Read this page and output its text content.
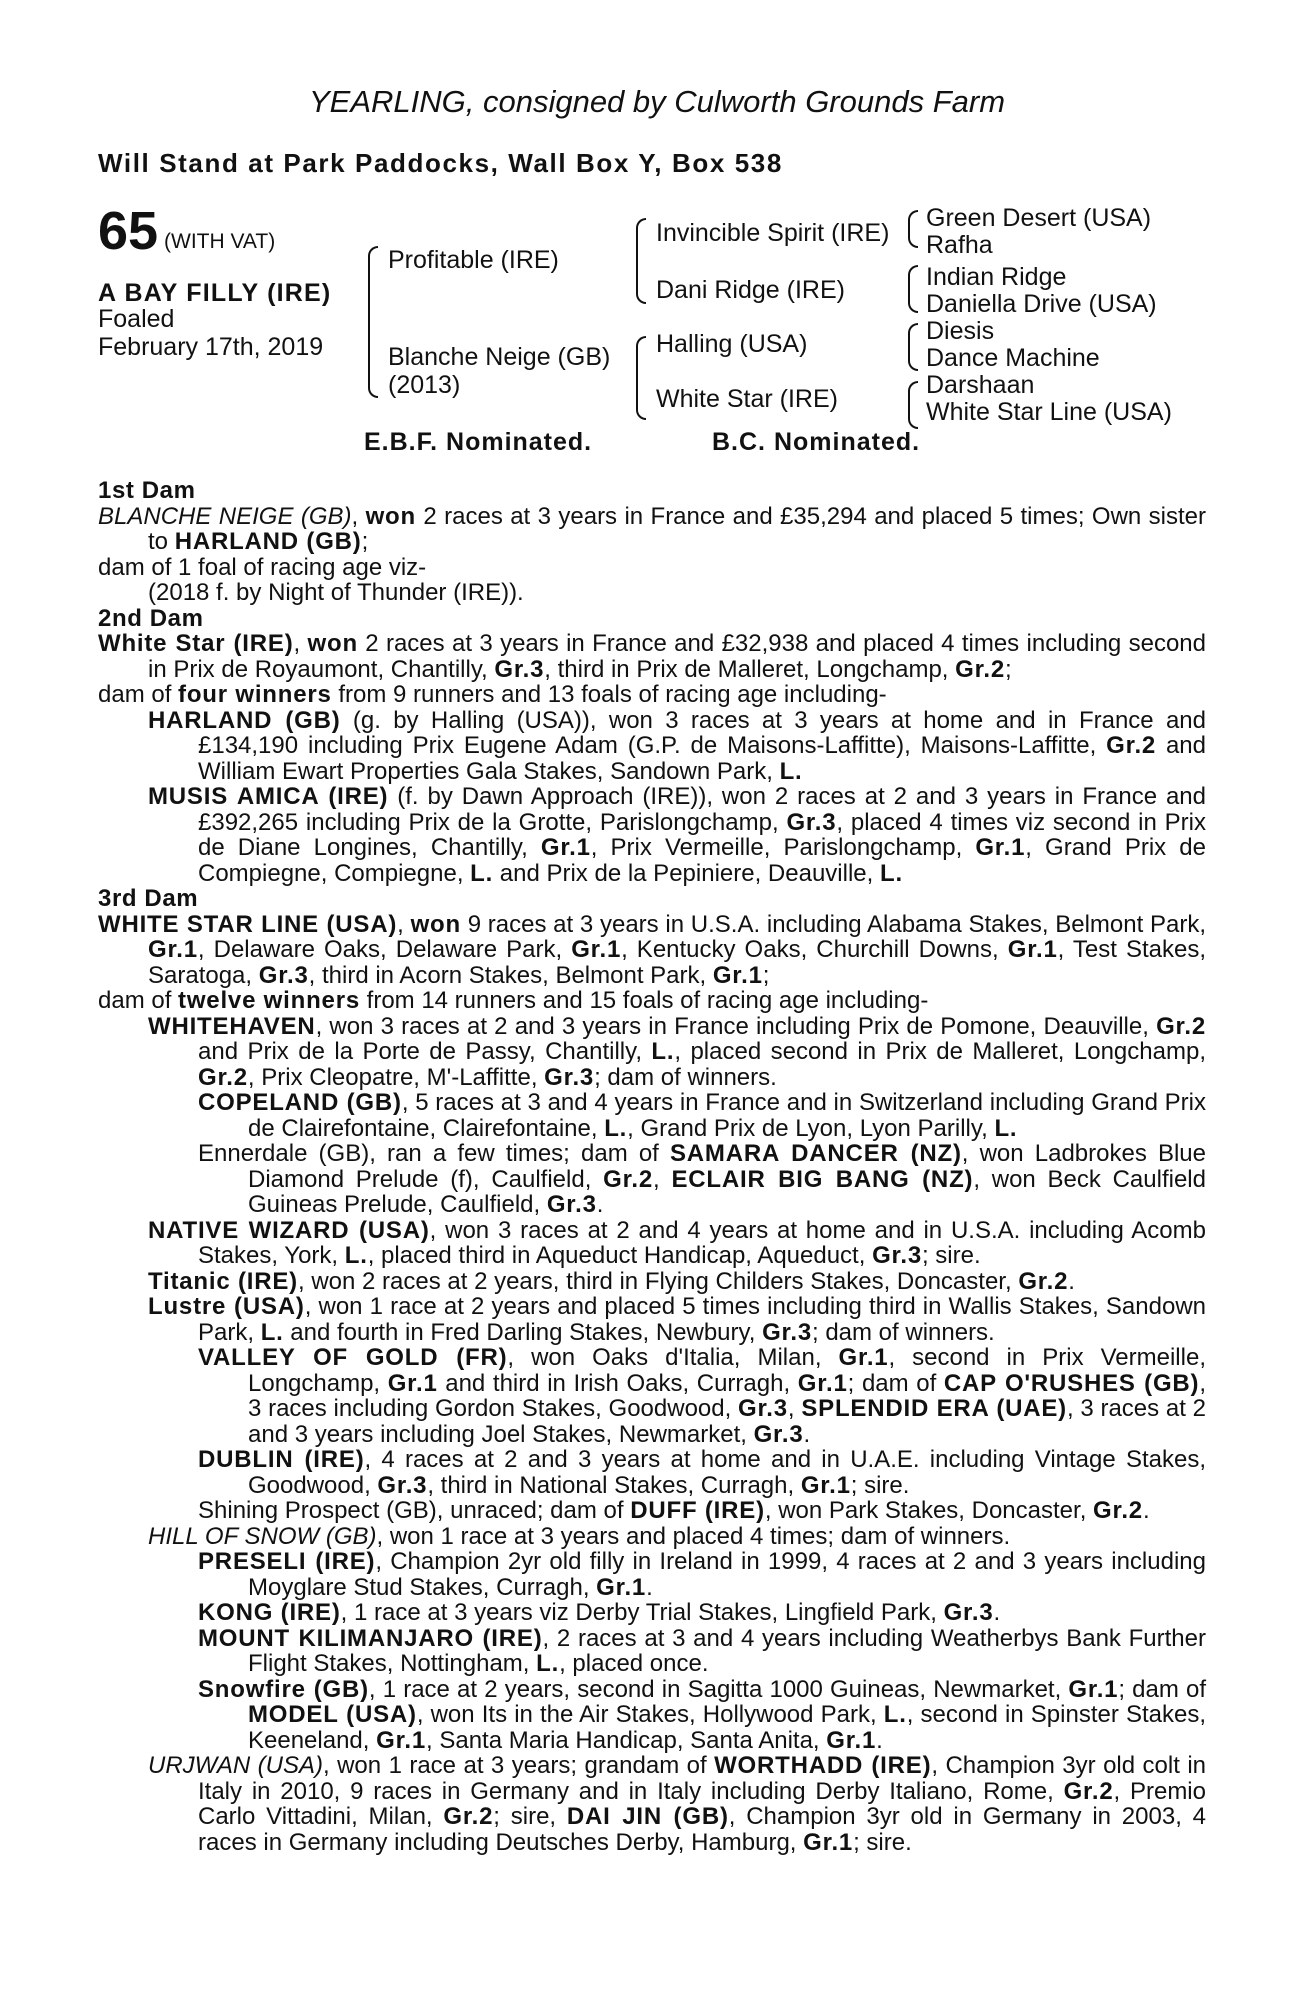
YEARLING, consigned by Culworth Grounds Farm
Will Stand at Park Paddocks, Wall Box Y, Box 538
65 (WITH VAT)
A BAY FILLY (IRE)
Foaled
February 17th, 2019
Profitable (IRE)
Blanche Neige (GB)
(2013)
Invincible Spirit (IRE)
Dani Ridge (IRE)
Halling (USA)
White Star (IRE)
Green Desert (USA)
Rafha
Indian Ridge
Daniella Drive (USA)
Diesis
Dance Machine
Darshaan
White Star Line (USA)
E.B.F. Nominated.	B.C. Nominated.
1st Dam
BLANCHE NEIGE (GB), won 2 races at 3 years in France and £35,294 and placed 5 times; Own sister to HARLAND (GB);
dam of 1 foal of racing age viz-
(2018 f. by Night of Thunder (IRE)).
2nd Dam
White Star (IRE), won 2 races at 3 years in France and £32,938 and placed 4 times including second in Prix de Royaumont, Chantilly, Gr.3, third in Prix de Malleret, Longchamp, Gr.2;
dam of four winners from 9 runners and 13 foals of racing age including-
HARLAND (GB) (g. by Halling (USA)), won 3 races at 3 years at home and in France and £134,190 including Prix Eugene Adam (G.P. de Maisons-Laffitte), Maisons-Laffitte, Gr.2 and William Ewart Properties Gala Stakes, Sandown Park, L.
MUSIS AMICA (IRE) (f. by Dawn Approach (IRE)), won 2 races at 2 and 3 years in France and £392,265 including Prix de la Grotte, Parislongchamp, Gr.3, placed 4 times viz second in Prix de Diane Longines, Chantilly, Gr.1, Prix Vermeille, Parislongchamp, Gr.1, Grand Prix de Compiegne, Compiegne, L. and Prix de la Pepiniere, Deauville, L.
3rd Dam
WHITE STAR LINE (USA), won 9 races at 3 years in U.S.A. including Alabama Stakes, Belmont Park, Gr.1, Delaware Oaks, Delaware Park, Gr.1, Kentucky Oaks, Churchill Downs, Gr.1, Test Stakes, Saratoga, Gr.3, third in Acorn Stakes, Belmont Park, Gr.1;
dam of twelve winners from 14 runners and 15 foals of racing age including-
WHITEHAVEN, won 3 races at 2 and 3 years in France including Prix de Pomone, Deauville, Gr.2 and Prix de la Porte de Passy, Chantilly, L., placed second in Prix de Malleret, Longchamp, Gr.2, Prix Cleopatre, M'-Laffitte, Gr.3; dam of winners.
COPELAND (GB), 5 races at 3 and 4 years in France and in Switzerland including Grand Prix de Clairefontaine, Clairefontaine, L., Grand Prix de Lyon, Lyon Parilly, L.
Ennerdale (GB), ran a few times; dam of SAMARA DANCER (NZ), won Ladbrokes Blue Diamond Prelude (f), Caulfield, Gr.2, ECLAIR BIG BANG (NZ), won Beck Caulfield Guineas Prelude, Caulfield, Gr.3.
NATIVE WIZARD (USA), won 3 races at 2 and 4 years at home and in U.S.A. including Acomb Stakes, York, L., placed third in Aqueduct Handicap, Aqueduct, Gr.3; sire.
Titanic (IRE), won 2 races at 2 years, third in Flying Childers Stakes, Doncaster, Gr.2.
Lustre (USA), won 1 race at 2 years and placed 5 times including third in Wallis Stakes, Sandown Park, L. and fourth in Fred Darling Stakes, Newbury, Gr.3; dam of winners.
VALLEY OF GOLD (FR), won Oaks d'Italia, Milan, Gr.1, second in Prix Vermeille, Longchamp, Gr.1 and third in Irish Oaks, Curragh, Gr.1; dam of CAP O'RUSHES (GB), 3 races including Gordon Stakes, Goodwood, Gr.3, SPLENDID ERA (UAE), 3 races at 2 and 3 years including Joel Stakes, Newmarket, Gr.3.
DUBLIN (IRE), 4 races at 2 and 3 years at home and in U.A.E. including Vintage Stakes, Goodwood, Gr.3, third in National Stakes, Curragh, Gr.1; sire.
Shining Prospect (GB), unraced; dam of DUFF (IRE), won Park Stakes, Doncaster, Gr.2.
HILL OF SNOW (GB), won 1 race at 3 years and placed 4 times; dam of winners.
PRESELI (IRE), Champion 2yr old filly in Ireland in 1999, 4 races at 2 and 3 years including Moyglare Stud Stakes, Curragh, Gr.1.
KONG (IRE), 1 race at 3 years viz Derby Trial Stakes, Lingfield Park, Gr.3.
MOUNT KILIMANJARO (IRE), 2 races at 3 and 4 years including Weatherbys Bank Further Flight Stakes, Nottingham, L., placed once.
Snowfire (GB), 1 race at 2 years, second in Sagitta 1000 Guineas, Newmarket, Gr.1; dam of MODEL (USA), won Its in the Air Stakes, Hollywood Park, L., second in Spinster Stakes, Keeneland, Gr.1, Santa Maria Handicap, Santa Anita, Gr.1.
URJWAN (USA), won 1 race at 3 years; grandam of WORTHADD (IRE), Champion 3yr old colt in Italy in 2010, 9 races in Germany and in Italy including Derby Italiano, Rome, Gr.2, Premio Carlo Vittadini, Milan, Gr.2; sire, DAI JIN (GB), Champion 3yr old in Germany in 2003, 4 races in Germany including Deutsches Derby, Hamburg, Gr.1; sire.
